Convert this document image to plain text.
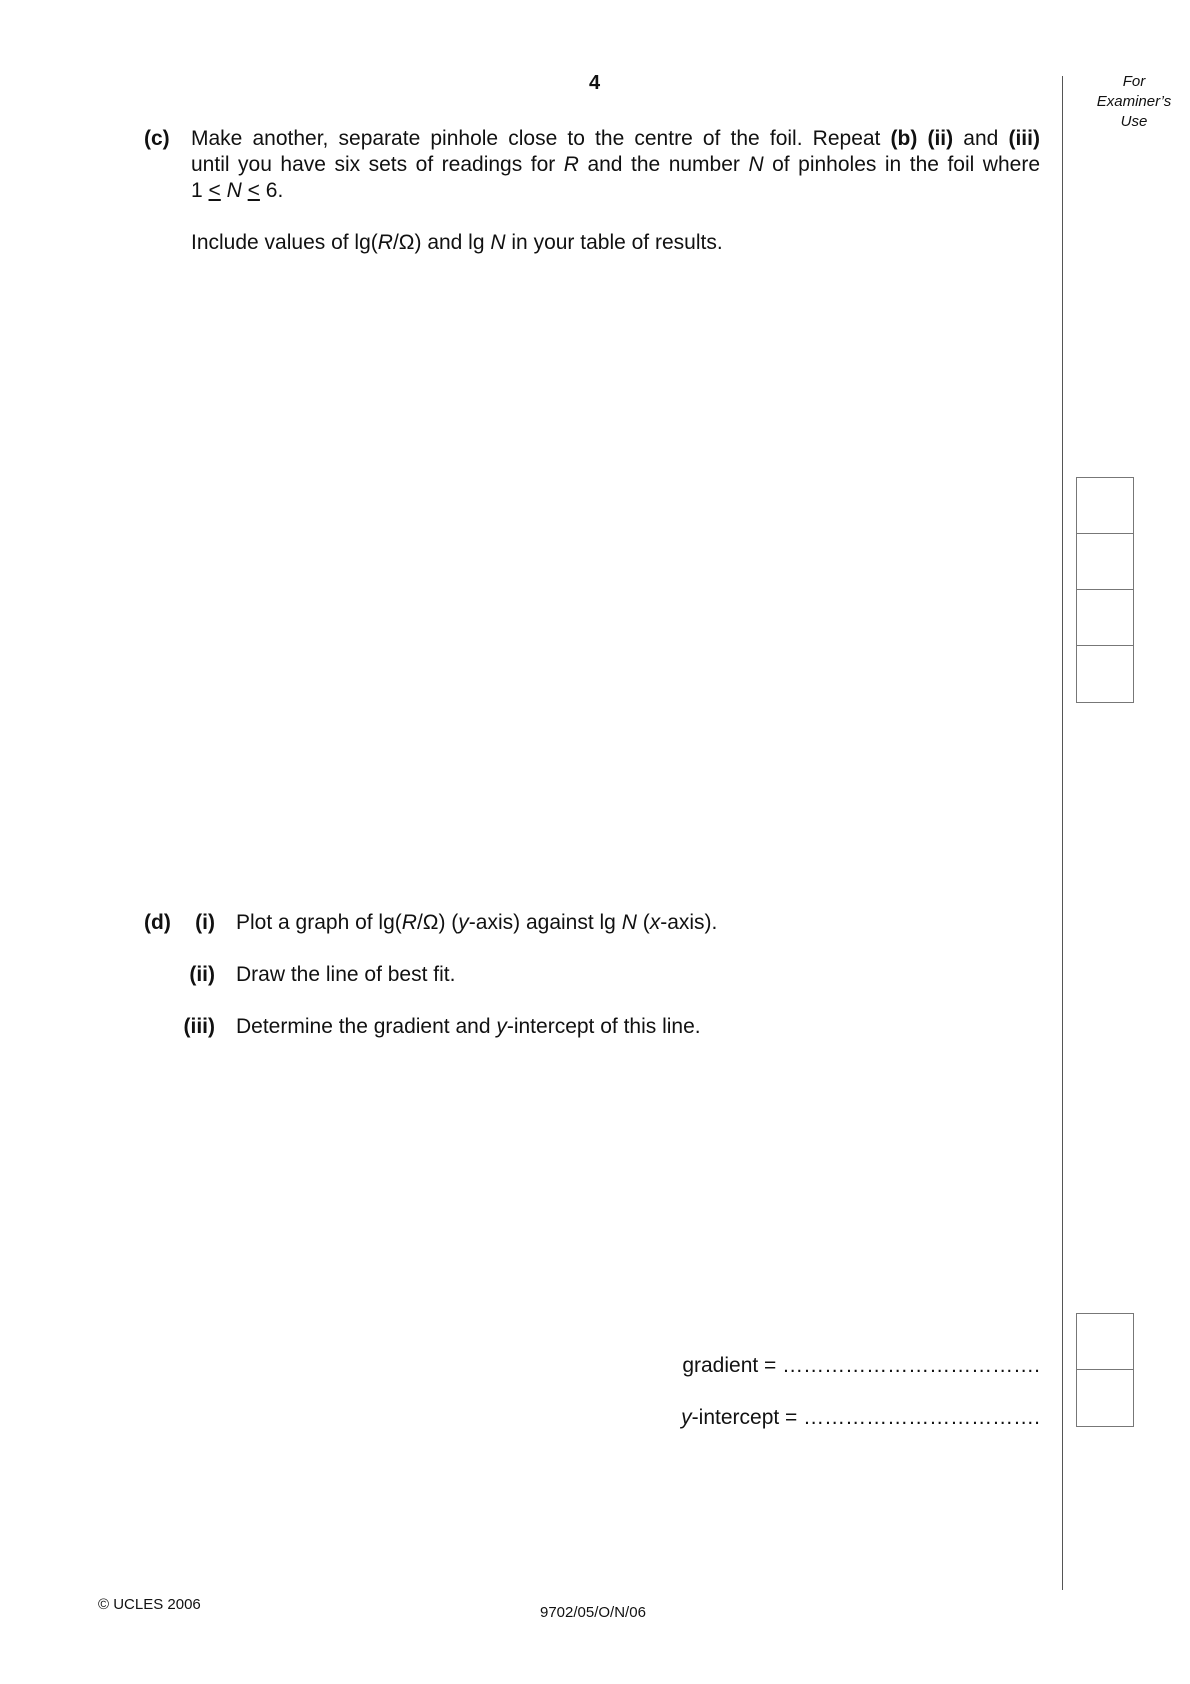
4	For
Examiner’s
Use
(c) Make another, separate pinhole close to the centre of the foil. Repeat (b) (ii) and (iii)
until you have six sets of readings for R and the number N of pinholes in the foil where
1 < N < 6.
Include values of lg(R/Ω) and lg N in your table of results.
(d)	(i) Plot a graph of lg(R/Ω) (y-axis) against lg N (x-axis).
(ii) Draw the line of best fit.
(iii) Determine the gradient and y-intercept of this line.
gradient = ……………………………….
y-intercept = …………………………….
© UCLES 2006	9702/05/O/N/06
